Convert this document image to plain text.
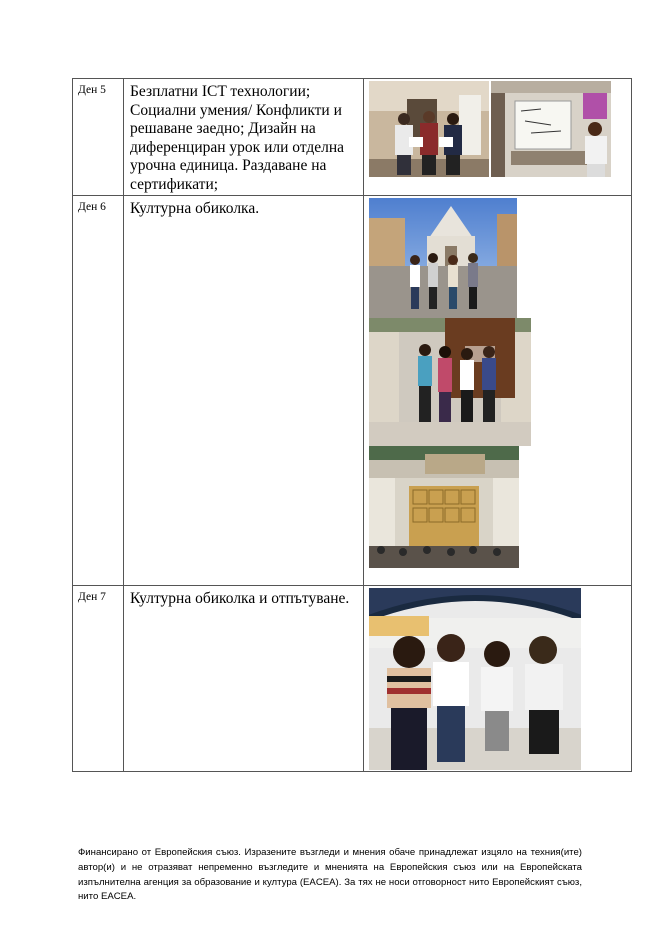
Ден 5	Безплатни ICT технологии; Социални умения/ Конфликти и решаване заедно; Дизайн на диференциран урок или отделна урочна единица. Раздаване на сертификати;	

Ден 6	Културна обиколка.	

Ден 7	Културна обиколка и отпътуване.	
Финансирано от Европейския съюз. Изразените възгледи и мнения обаче принадлежат изцяло на техния(ите) автор(и) и не отразяват непременно възгледите и мненията на Европейския съюз или на Европейската изпълнителна агенция за образование и култура (EACEA). За тях не носи отговорност нито Европейският съюз, нито EACEA.
